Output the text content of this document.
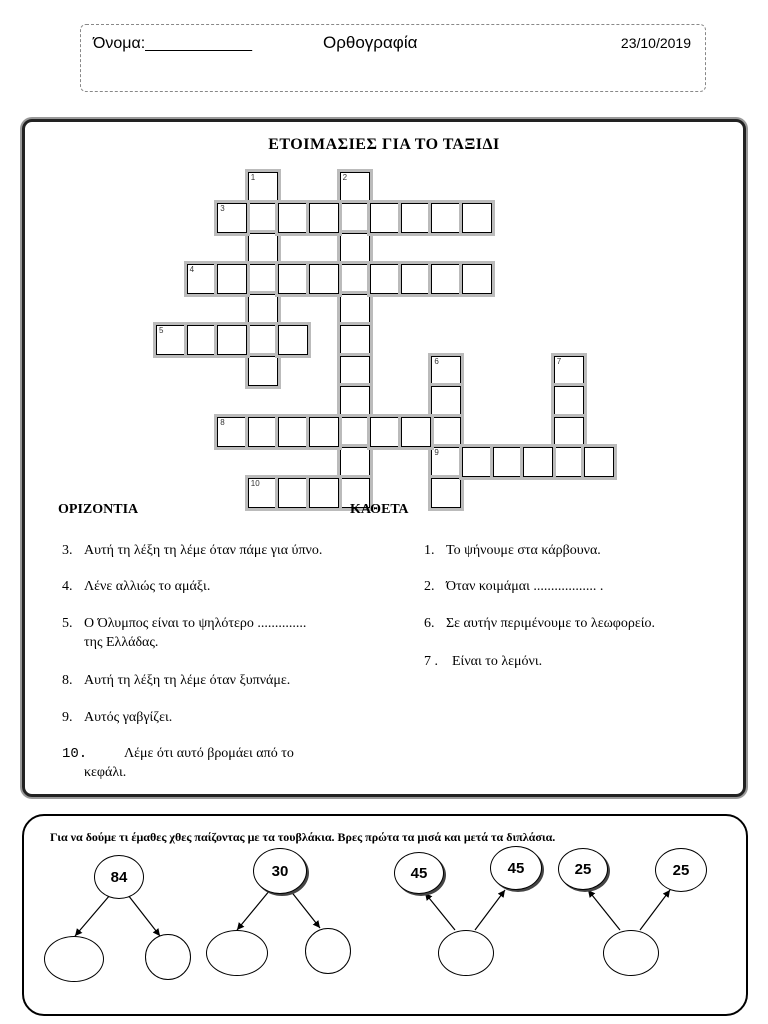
Όνομα:____________	Ορθογραφία	23/10/2019
ΕΤΟΙΜΑΣΙΕΣ ΓΙΑ ΤΟ ΤΑΞΙΔΙ
1	2
3
4
5
6
9
7
8
10
ΟΡΙΖΟΝΤΙΑ	ΚΑΘΕΤΑ
3. Αυτή τη λέξη τη λέμε όταν πάμε για ύπνο.
4. Λένε αλλιώς το αμάξι.
5. Ο Όλυμπος είναι το ψηλότερο ..............
της Ελλάδας.
8. Αυτή τη λέξη τη λέμε όταν ξυπνάμε.
9. Αυτός γαβγίζει.
10.	Λέμε ότι αυτό βρομάει από το
κεφάλι.
1. Το ψήνουμε στα κάρβουνα.
2. Όταν κοιμάμαι .................. .
6. Σε αυτήν περιμένουμε το λεωφορείο.
7 . Είναι το λεμόνι.
Για να δούμε τι έμαθες χθες παίζοντας με τα τουβλάκια. Βρες πρώτα τα μισά και μετά τα διπλάσια.
84	30	45	45	25	25
